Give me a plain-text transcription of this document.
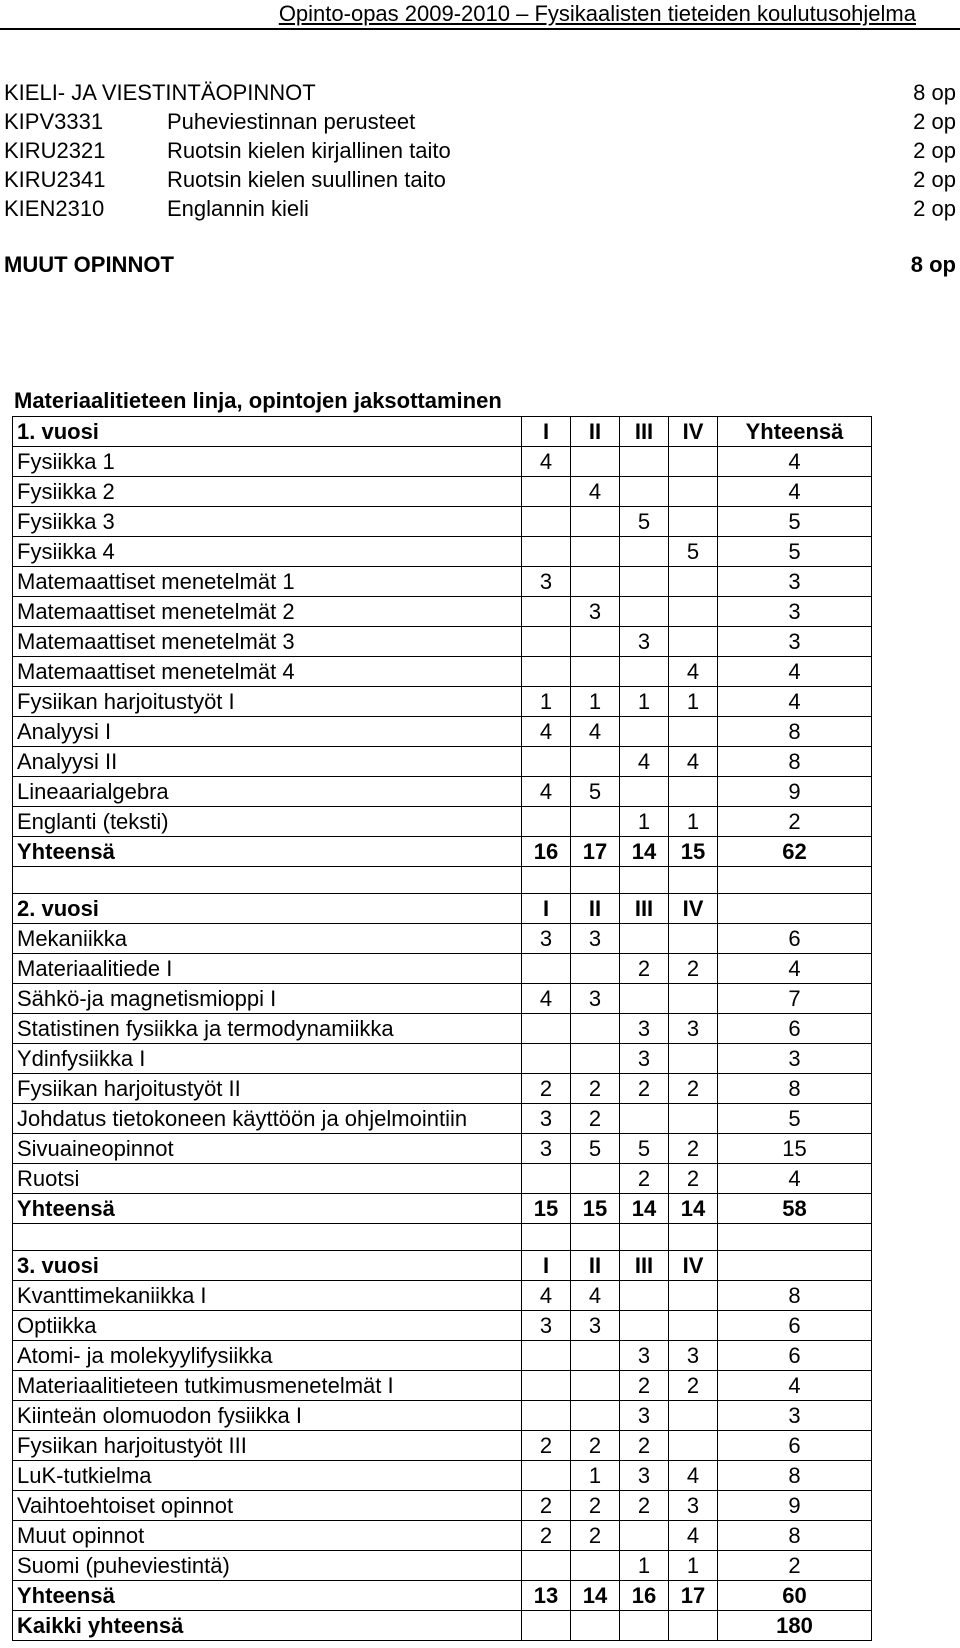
Opinto-opas 2009-2010 – Fysikaalisten tieteiden koulutusohjelma
KIELI- JA VIESTINTÄOPINNOT	8 op
KIPV3331	Puheviestinnan perusteet	2 op
KIRU2321	Ruotsin kielen kirjallinen taito	2 op
KIRU2341	Ruotsin kielen suullinen taito	2 op
KIEN2310	Englannin kieli	2 op
MUUT OPINNOT	8 op
Materiaalitieteen linja, opintojen jaksottaminen
1. vuosi	I	II	III	IV	Yhteensä
Fysiikka 1	4				4
Fysiikka 2		4			4
Fysiikka 3			5		5
Fysiikka 4				5	5
Matemaattiset menetelmät 1	3				3
Matemaattiset menetelmät 2		3			3
Matemaattiset menetelmät 3			3		3
Matemaattiset menetelmät 4				4	4
Fysiikan harjoitustyöt I	1	1	1	1	4
Analyysi I	4	4			8
Analyysi II			4	4	8
Lineaarialgebra	4	5			9
Englanti (teksti)			1	1	2
Yhteensä	16	17	14	15	62

2. vuosi	I	II	III	IV	
Mekaniikka	3	3			6
Materiaalitiede I			2	2	4
Sähkö-ja magnetismioppi I	4	3			7
Statistinen fysiikka ja termodynamiikka			3	3	6
Ydinfysiikka I			3		3
Fysiikan harjoitustyöt II	2	2	2	2	8
Johdatus tietokoneen käyttöön ja ohjelmointiin	3	2			5
Sivuaineopinnot	3	5	5	2	15
Ruotsi			2	2	4
Yhteensä	15	15	14	14	58

3. vuosi	I	II	III	IV	
Kvanttimekaniikka I	4	4			8
Optiikka	3	3			6
Atomi- ja molekyylifysiikka			3	3	6
Materiaalitieteen tutkimusmenetelmät I			2	2	4
Kiinteän olomuodon fysiikka I			3		3
Fysiikan harjoitustyöt III	2	2	2		6
LuK-tutkielma		1	3	4	8
Vaihtoehtoiset opinnot	2	2	2	3	9
Muut opinnot	2	2		4	8
Suomi (puheviestintä)			1	1	2
Yhteensä	13	14	16	17	60
Kaikki yhteensä					180
